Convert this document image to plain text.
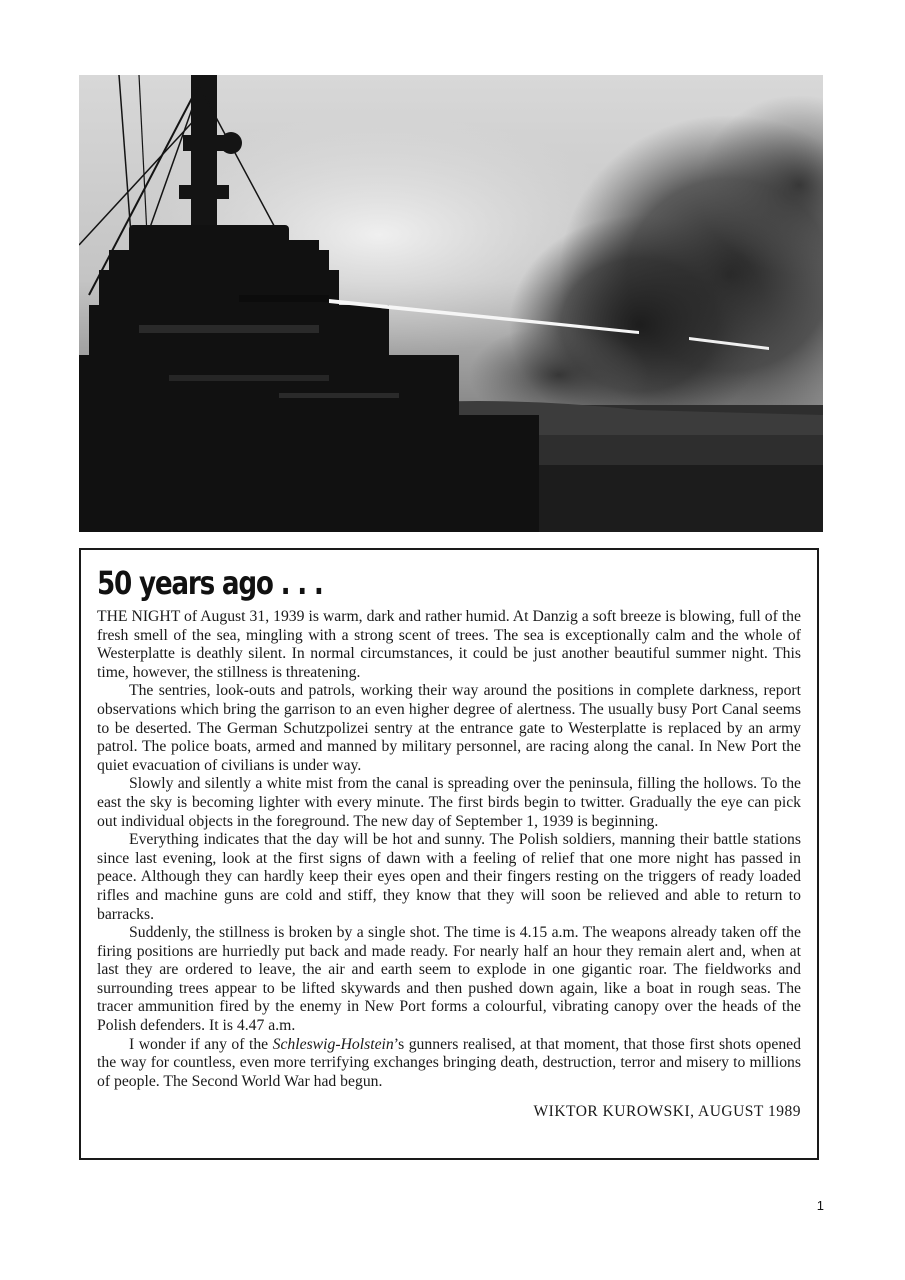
50 years ago . . .

THE NIGHT of August 31, 1939 is warm, dark and rather humid. At Danzig a soft breeze is blowing, full of the fresh smell of the sea, mingling with a strong scent of trees. The sea is exceptionally calm and the whole of Westerplatte is deathly silent. In normal circumstances, it could be just another beautiful summer night. This time, however, the stillness is threatening.

The sentries, look-outs and patrols, working their way around the positions in complete darkness, report observations which bring the garrison to an even higher degree of alertness. The usually busy Port Canal seems to be deserted. The German Schutzpolizei sentry at the entrance gate to Westerplatte is replaced by an army patrol. The police boats, armed and manned by military personnel, are racing along the canal. In New Port the quiet evacuation of civilians is under way.

Slowly and silently a white mist from the canal is spreading over the peninsula, filling the hollows. To the east the sky is becoming lighter with every minute. The first birds begin to twitter. Gradually the eye can pick out individual objects in the foreground. The new day of September 1, 1939 is beginning.

Everything indicates that the day will be hot and sunny. The Polish soldiers, manning their battle stations since last evening, look at the first signs of dawn with a feeling of relief that one more night has passed in peace. Although they can hardly keep their eyes open and their fingers resting on the triggers of ready loaded rifles and machine guns are cold and stiff, they know that they will soon be relieved and able to return to barracks.

Suddenly, the stillness is broken by a single shot. The time is 4.15 a.m. The weapons already taken off the firing positions are hurriedly put back and made ready. For nearly half an hour they remain alert and, when at last they are ordered to leave, the air and earth seem to explode in one gigantic roar. The fieldworks and surrounding trees appear to be lifted skywards and then pushed down again, like a boat in rough seas. The tracer ammunition fired by the enemy in New Port forms a colourful, vibrating canopy over the heads of the Polish defenders. It is 4.47 a.m.

I wonder if any of the Schleswig-Holstein’s gunners realised, at that moment, that those first shots opened the way for countless, even more terrifying exchanges bringing death, destruction, terror and misery to millions of people. The Second World War had begun.

WIKTOR KUROWSKI, AUGUST 1989

1
